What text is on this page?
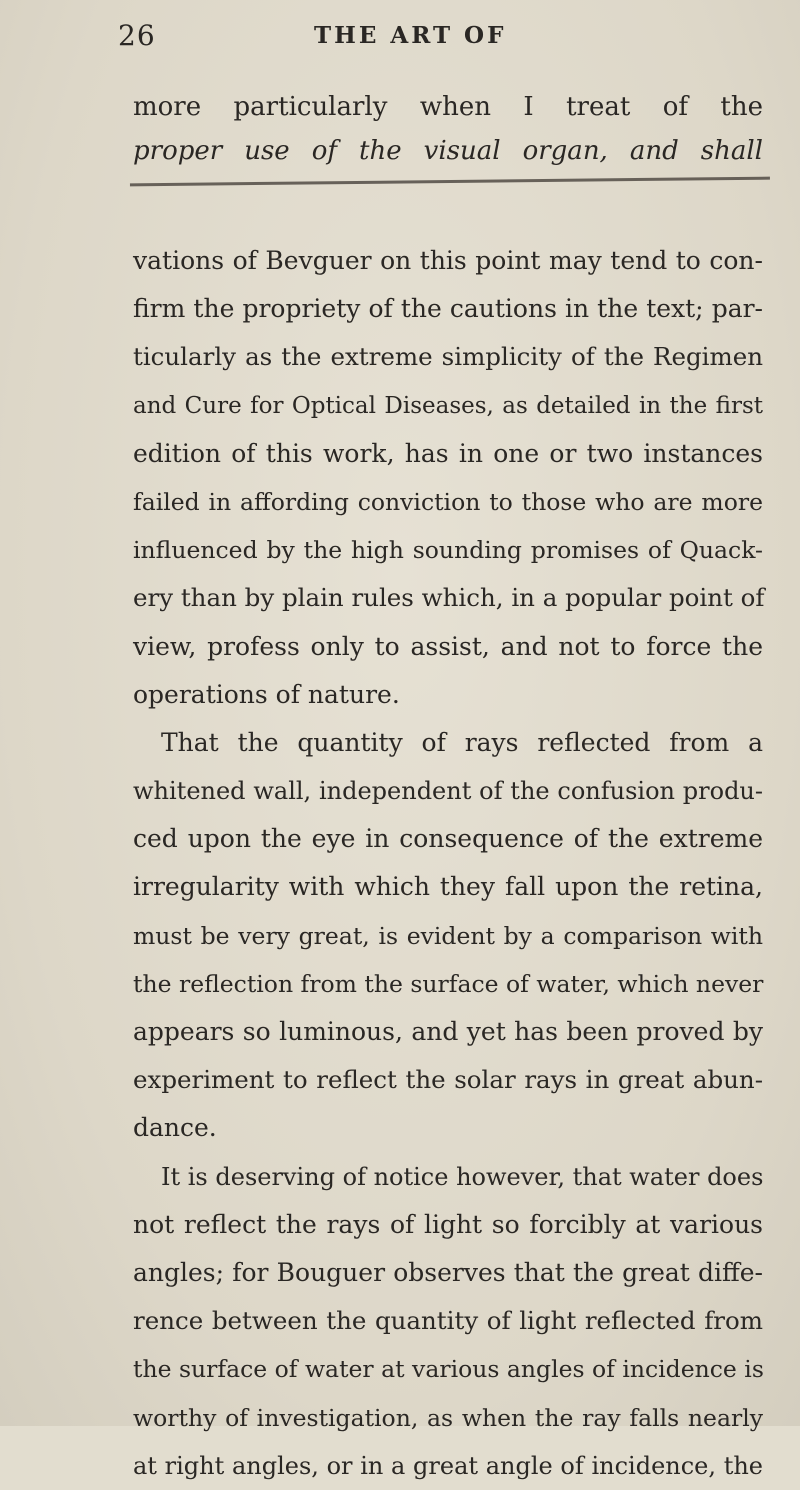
26	THE ART OF
more particularly when I treat of the
proper use of the visual organ, and shall
vations of Bevguer on this point may tend to con-
firm the propriety of the cautions in the text; par-
ticularly as the extreme simplicity of the Regimen
and Cure for Optical Diseases, as detailed in the first
edition of this work, has in one or two instances
failed in affording conviction to those who are more
influenced by the high sounding promises of Quack-
ery than by plain rules which, in a popular point of
view, profess only to assist, and not to force the
operations of nature.
That the quantity of rays reflected from a
whitened wall, independent of the confusion produ-
ced upon the eye in consequence of the extreme
irregularity with which they fall upon the retina,
must be very great, is evident by a comparison with
the reflection from the surface of water, which never
appears so luminous, and yet has been proved by
experiment to reflect the solar rays in great abun-
dance.
It is deserving of notice however, that water does
not reflect the rays of light so forcibly at various
angles; for Bouguer observes that the great diffe-
rence between the quantity of light reflected from
the surface of water at various angles of incidence is
worthy of investigation, as when the ray falls nearly
at right angles, or in a great angle of incidence, the
